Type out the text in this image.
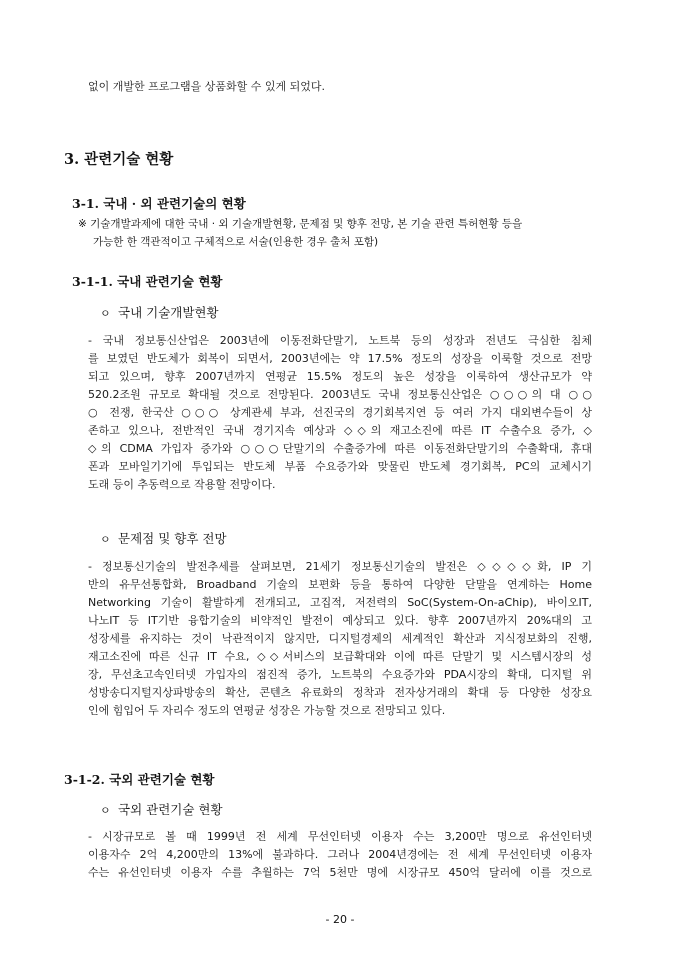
없이 개발한 프로그램을 상품화할 수 있게 되었다.
3. 관련기술 현황
3-1. 국내 · 외 관련기술의 현황
※ 기술개발과제에 대한 국내 · 외 기술개발현황, 문제점 및 향후 전망, 본 기술 관련 특허현황 등을
가능한 한 객관적이고 구체적으로 서술(인용한 경우 출처 포함)
3-1-1. 국내 관련기술 현황
ㅇ 국내 기술개발현황
- 국내 정보통신산업은 2003년에 이동전화단말기, 노트북 등의 성장과 전년도 극심한 침체
를 보였던 반도체가 회복이 되면서, 2003년에는 약 17.5% 정도의 성장을 이룩할 것으로 전망
되고 있으며, 향후 2007년까지 연평균 15.5% 정도의 높은 성장을 이룩하여 생산규모가 약
520.2조원 규모로 확대될 것으로 전망된다. 2003년도 국내 정보통신산업은 ○○○의 대 ○○
○ 전쟁, 한국산 ○○○ 상계관세 부과, 선진국의 경기회복지연 등 여러 가지 대외변수들이 상
존하고 있으나, 전반적인 국내 경기지속 예상과 ◇◇의 재고소진에 따른 IT 수출수요 증가, ◇
◇의 CDMA 가입자 증가와 ○○○단말기의 수출증가에 따른 이동전화단말기의 수출확대, 휴대
폰과 모바일기기에 투입되는 반도체 부품 수요증가와 맞물린 반도체 경기회복, PC의 교체시기
도래 등이 추동력으로 작용할 전망이다.
ㅇ 문제점 및 향후 전망
- 정보통신기술의 발전추세를 살펴보면, 21세기 정보통신기술의 발전은 ◇◇◇◇화, IP 기
반의 유무선통합화, Broadband 기술의 보편화 등을 통하여 다양한 단말을 연계하는 Home
Networking 기술이 활발하게 전개되고, 고집적, 저전력의 SoC(System-On-aChip), 바이오IT,
나노IT 등 IT기반 융합기술의 비약적인 발전이 예상되고 있다. 향후 2007년까지 20%대의 고
성장세를 유지하는 것이 낙관적이지 않지만, 디지털경제의 세계적인 확산과 지식정보화의 진행,
재고소진에 따른 신규 IT 수요, ◇◇서비스의 보급확대와 이에 따른 단말기 및 시스템시장의 성
장, 무선초고속인터넷 가입자의 점진적 증가, 노트북의 수요증가와 PDA시장의 확대, 디지털 위
성방송디지털지상파방송의 확산, 콘텐츠 유료화의 정착과 전자상거래의 확대 등 다양한 성장요
인에 힘입어 두 자리수 정도의 연평균 성장은 가능할 것으로 전망되고 있다.
3-1-2. 국외 관련기술 현황
ㅇ 국외 관련기술 현황
- 시장규모로 볼 때 1999년 전 세계 무선인터넷 이용자 수는 3,200만 명으로 유선인터넷
이용자수 2억 4,200만의 13%에 불과하다. 그러나 2004년경에는 전 세계 무선인터넷 이용자
수는 유선인터넷 이용자 수를 추월하는 7억 5천만 명에 시장규모 450억 달러에 이를 것으로
- 20 -
